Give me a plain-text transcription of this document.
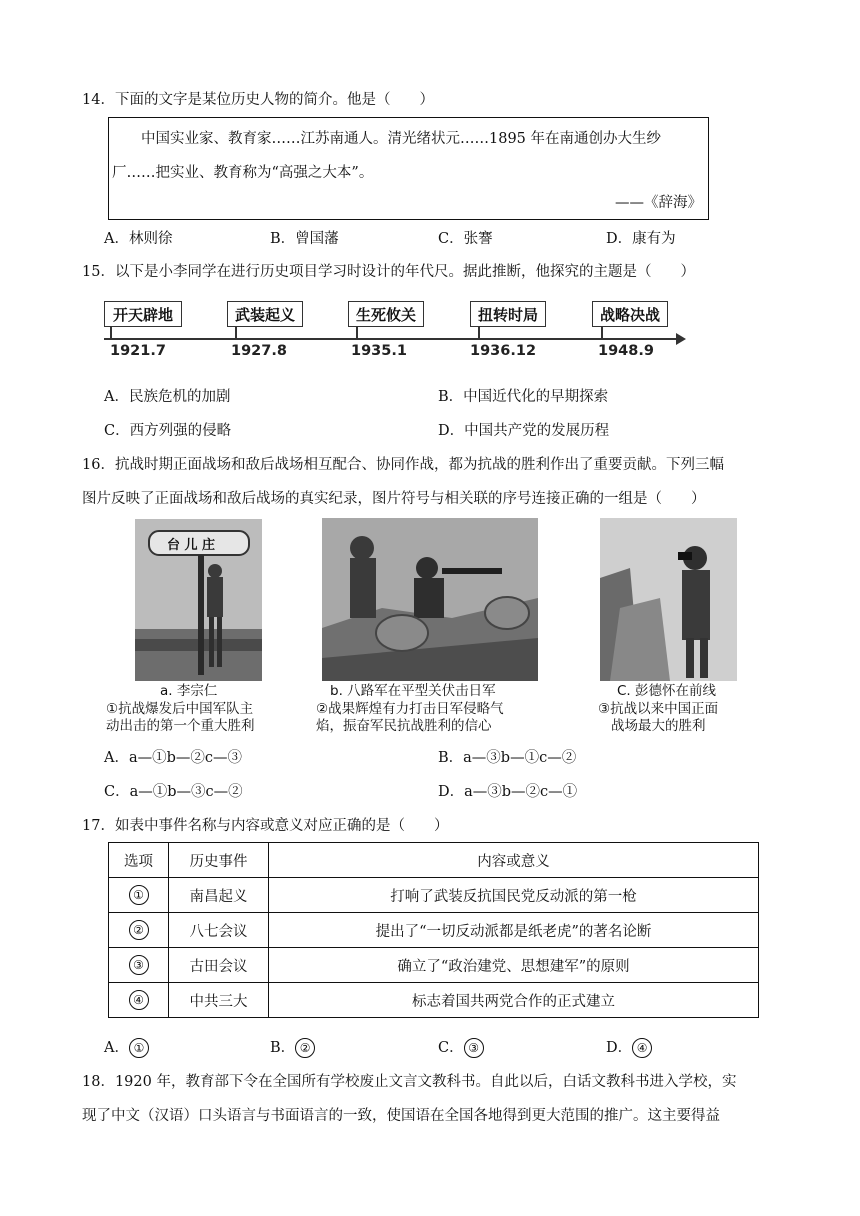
14．下面的文字是某位历史人物的简介。他是（　　）
中国实业家、教育家……江苏南通人。清光绪状元……1895 年在南通创办大生纱
厂……把实业、教育称为“高强之大本”。
——《辞海》
A．林则徐	B．曾国藩	C．张謇	D．康有为
15．以下是小李同学在进行历史项目学习时设计的年代尺。据此推断，他探究的主题是（　　）
开天辟地	武装起义	生死攸关	扭转时局	战略决战
1921.7	1927.8	1935.1	1936.12	1948.9
A．民族危机的加剧	B．中国近代化的早期探索
C．西方列强的侵略	D．中国共产党的发展历程
16．抗战时期正面战场和敌后战场相互配合、协同作战，都为抗战的胜利作出了重要贡献。下列三幅
图片反映了正面战场和敌后战场的真实纪录，图片符号与相关联的序号连接正确的一组是（　　）
台 儿 庄
a. 李宗仁
①抗战爆发后中国军队主
动出击的第一个重大胜利
b. 八路军在平型关伏击日军
②战果辉煌有力打击日军侵略气
焰，振奋军民抗战胜利的信心
C. 彭德怀在前线
③抗战以来中国正面
战场最大的胜利
A．a—①b—②c—③	B．a—③b—①c—②
C．a—①b—③c—②	D．a—③b—②c—①
17．如表中事件名称与内容或意义对应正确的是（　　）
选项	历史事件	内容或意义
①	南昌起义	打响了武装反抗国民党反动派的第一枪
②	八七会议	提出了“一切反动派都是纸老虎”的著名论断
③	古田会议	确立了“政治建党、思想建军”的原则
④	中共三大	标志着国共两党合作的正式建立
A． ①	B． ②	C． ③	D． ④
18．1920 年，教育部下令在全国所有学校废止文言文教科书。自此以后，白话文教科书进入学校，实
现了中文（汉语）口头语言与书面语言的一致，使国语在全国各地得到更大范围的推广。这主要得益
